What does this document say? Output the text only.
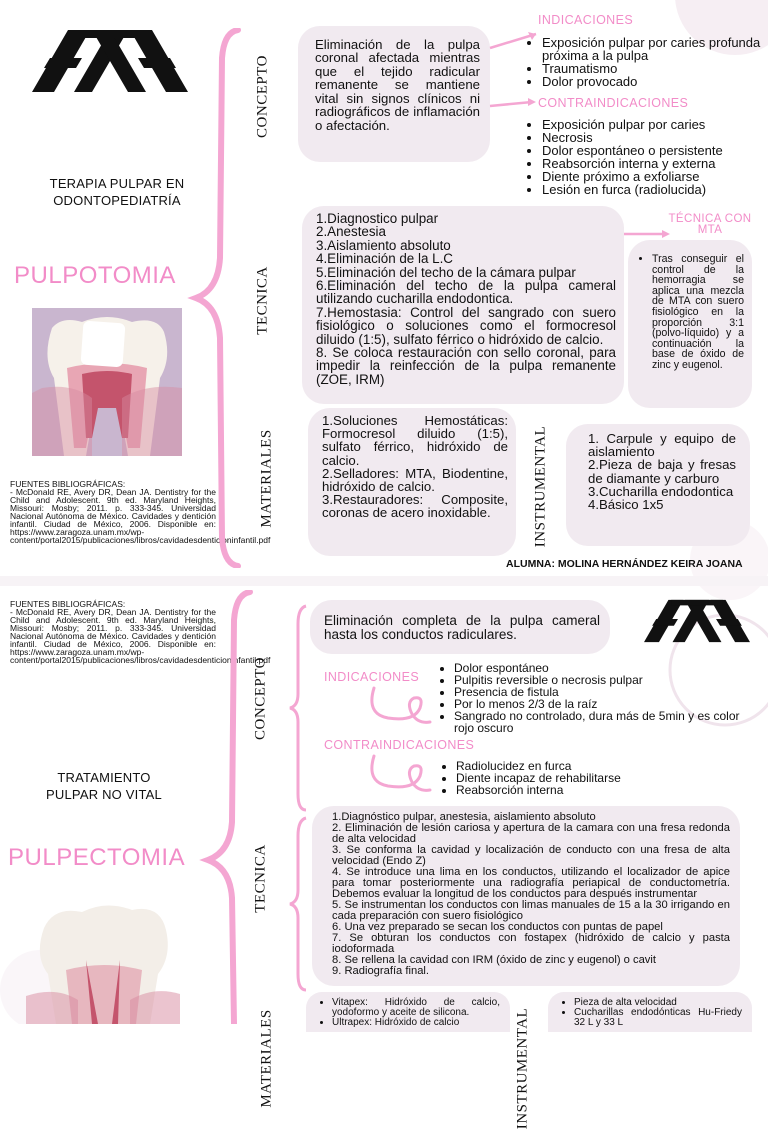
TERAPIA PULPAR EN
ODONTOPEDIATRÍA
PULPOTOMIA
FUENTES BIBLIOGRÁFICAS:
- McDonald RE, Avery DR, Dean JA. Dentistry for the Child and Adolescent. 9th ed. Maryland Heights, Missouri: Mosby; 2011. p. 333-345. Universidad Nacional Autónoma de México. Cavidades y dentición infantil. Ciudad de México, 2006. Disponible en: https://www.zaragoza.unam.mx/wp-content/portal2015/publicaciones/libros/cavidadesdenticioninfantil.pdf
CONCEPTO
TECNICA
MATERIALES	INSTRUMENTAL
Eliminación de la pulpa coronal afectada mientras que el tejido radicular remanente se mantiene vital sin signos clínicos ni radiográficos de inflamación o afectación.
INDICACIONES
• Exposición pulpar por caries profunda próxima a la pulpa
• Traumatismo
• Dolor provocado
CONTRAINDICACIONES
• Exposición pulpar por caries
• Necrosis
• Dolor espontáneo o persistente
• Reabsorción interna y externa
• Diente próximo a exfoliarse
• Lesión en furca (radiolucida)
1.Diagnostico pulpar
2.Anestesia
3.Aislamiento absoluto
4.Eliminación de la L.C
5.Eliminación del techo de la cámara pulpar
6.Eliminación del techo de la pulpa cameral utilizando cucharilla endodontica.
7.Hemostasia: Control del sangrado con suero fisiológico o soluciones como el formocresol diluido (1:5), sulfato férrico o hidróxido de calcio.
8. Se coloca restauración con sello coronal, para impedir la reinfección de la pulpa remanente (ZOE, IRM)
TÉCNICA CON MTA
• Tras conseguir el control de la hemorragia se aplica una mezcla de MTA con suero fisiológico en la proporción 3:1 (polvo-líquido) y a continuación la base de óxido de zinc y eugenol.
1.Soluciones Hemostáticas: Formocresol diluido (1:5), sulfato férrico, hidróxido de calcio.
2.Selladores: MTA, Biodentine, hidróxido de calcio.
3.Restauradores: Composite, coronas de acero inoxidable.
1. Carpule y equipo de aislamiento
2.Pieza de baja y fresas de diamante y carburo
3.Cucharilla endodontica
4.Básico 1x5
ALUMNA: MOLINA HERNÁNDEZ KEIRA JOANA
FUENTES BIBLIOGRÁFICAS:
- McDonald RE, Avery DR, Dean JA. Dentistry for the Child and Adolescent. 9th ed. Maryland Heights, Missouri: Mosby; 2011. p. 333-345. Universidad Nacional Autónoma de México. Cavidades y dentición infantil. Ciudad de México, 2006. Disponible en: https://www.zaragoza.unam.mx/wp-content/portal2015/publicaciones/libros/cavidadesdenticioninfantil.pdf
TRATAMIENTO
PULPAR NO VITAL
PULPECTOMIA
CONCEPTO
TECNICA
MATERIALES	INSTRUMENTAL
Eliminación completa de la pulpa cameral hasta los conductos radiculares.
INDICACIONES
• Dolor espontáneo
• Pulpitis reversible o necrosis pulpar
• Presencia de fistula
• Por lo menos 2/3 de la raíz
• Sangrado no controlado, dura más de 5min y es color rojo oscuro
CONTRAINDICACIONES
• Radiolucidez en furca
• Diente incapaz de rehabilitarse
• Reabsorción interna
1.Diagnóstico pulpar, anestesia, aislamiento absoluto
2. Eliminación de lesión cariosa y apertura de la camara con una fresa redonda de alta velocidad
3. Se conforma la cavidad y localización de conducto con una fresa de alta velocidad (Endo Z)
4. Se introduce una lima en los conductos, utilizando el localizador de apice para tomar posteriormente una radiografía periapical de conductometría. Debemos evaluar la longitud de los conductos para después instrumentar
5. Se instrumentan los conductos con limas manuales de 15 a la 30 irrigando en cada preparación con suero fisiológico
6. Una vez preparado se secan los conductos con puntas de papel
7. Se obturan los conductos con fostapex (hidróxido de calcio y pasta iodoformada
8. Se rellena la cavidad con IRM (óxido de zinc y eugenol) o cavit
9. Radiografía final.
• Vitapex: Hidróxido de calcio, yodoformo y aceite de silicona.
• Ultrapex: Hidróxido de calcio
• Pieza de alta velocidad
• Cucharillas endodónticas Hu-Friedy 32 L y 33 L
